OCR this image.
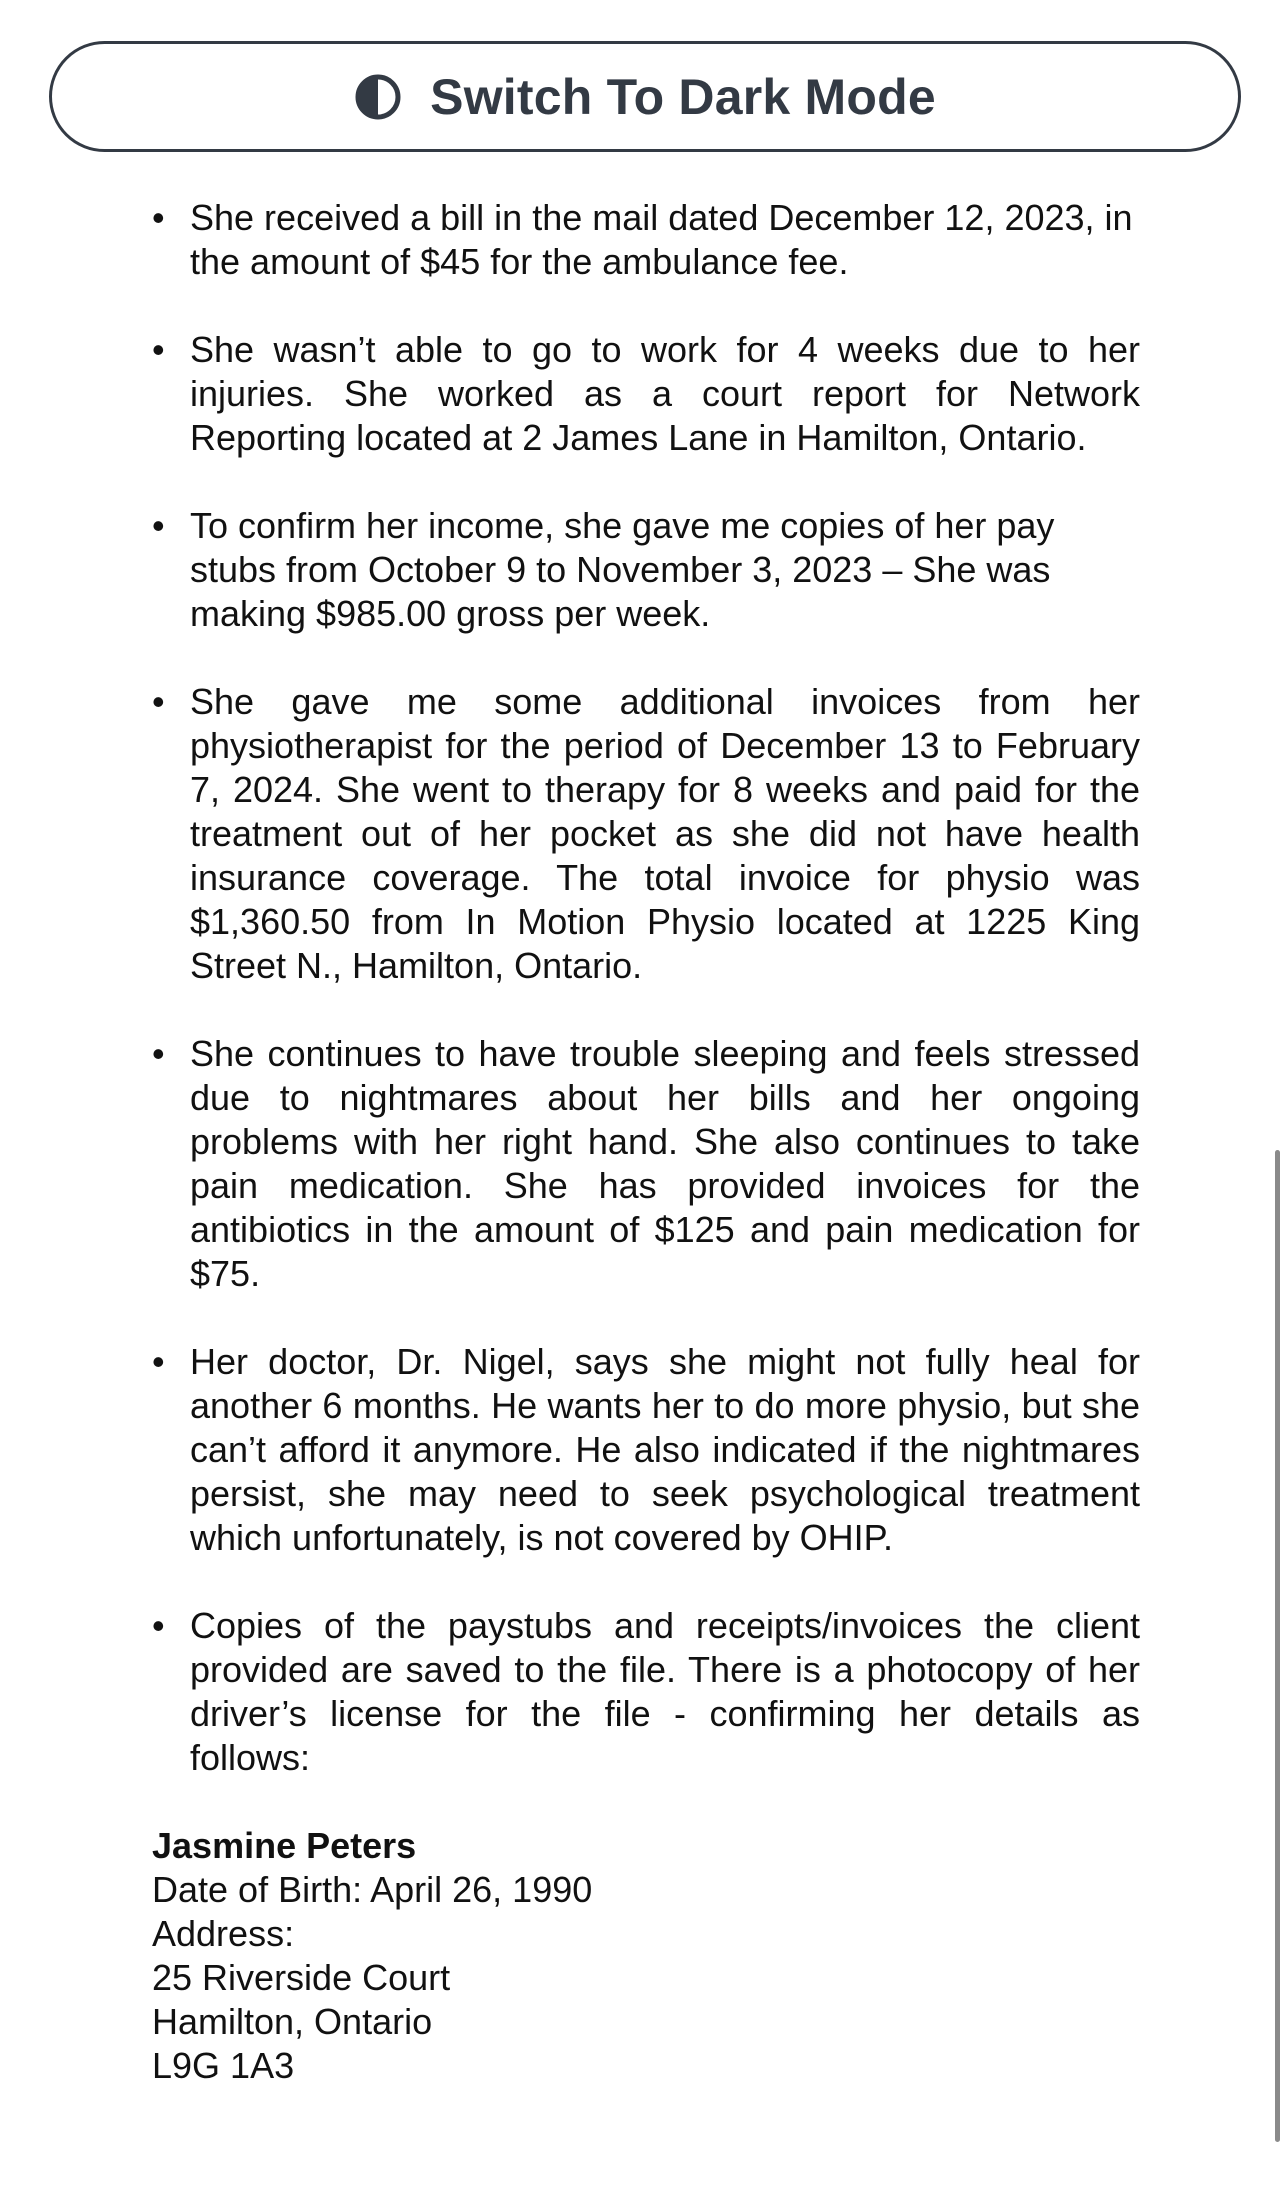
Switch To Dark Mode
• She received a bill in the mail dated December 12, 2023, in the amount of $45 for the ambulance fee.
• She wasn’t able to go to work for 4 weeks due to her injuries. She worked as a court report for Network Reporting located at 2 James Lane in Hamilton, Ontario.
• To confirm her income, she gave me copies of her pay stubs from October 9 to November 3, 2023 – She was making $985.00 gross per week.
• She gave me some additional invoices from her physiotherapist for the period of December 13 to February 7, 2024. She went to therapy for 8 weeks and paid for the treatment out of her pocket as she did not have health insurance coverage. The total invoice for physio was $1,360.50 from In Motion Physio located at 1225 King Street N., Hamilton, Ontario.
• She continues to have trouble sleeping and feels stressed due to nightmares about her bills and her ongoing problems with her right hand. She also continues to take pain medication. She has provided invoices for the antibiotics in the amount of $125 and pain medication for $75.
• Her doctor, Dr. Nigel, says she might not fully heal for another 6 months. He wants her to do more physio, but she can’t afford it anymore. He also indicated if the nightmares persist, she may need to seek psychological treatment which unfortunately, is not covered by OHIP.
• Copies of the paystubs and receipts/invoices the client provided are saved to the file. There is a photocopy of her driver’s license for the file - confirming her details as follows:
Jasmine Peters
Date of Birth: April 26, 1990
Address:
25 Riverside Court
Hamilton, Ontario
L9G 1A3
